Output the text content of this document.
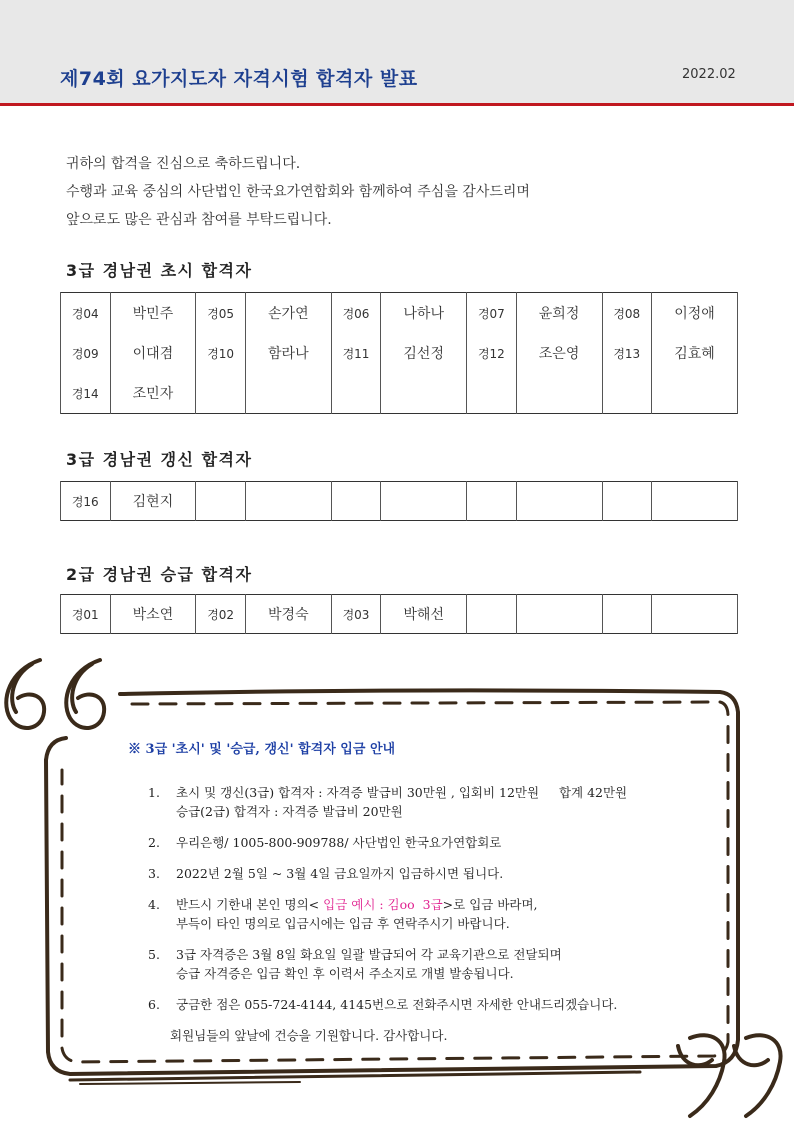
제74회 요가지도자 자격시험 합격자 발표	2022.02
귀하의 합격을 진심으로 축하드립니다.
수행과 교육 중심의 사단법인 한국요가연합회와 함께하여 주심을 감사드리며
앞으로도 많은 관심과 참여를 부탁드립니다.
3급 경남권 초시 합격자
경04	박민주	경05	손가연	경06	나하나	경07	윤희정	경08	이정애
경09	이대겸	경10	함라나	경11	김선정	경12	조은영	경13	김효혜
경14	조민자								
3급 경남권 갱신 합격자
경16	김현지								
2급 경남권 승급 합격자
경01	박소연	경02	박경숙	경03	박해선				
※ 3급 '초시' 및 '승급, 갱신' 합격자 입금 안내
1. 초시 및 갱신(3급) 합격자 : 자격증 발급비 30만원 , 입회비 12만원     합계 42만원
승급(2급) 합격자 : 자격증 발급비 20만원
2. 우리은행/ 1005-800-909788/ 사단법인 한국요가연합회로
3. 2022년 2월 5일 ~ 3월 4일 금요일까지 입금하시면 됩니다.
4. 반드시 기한내 본인 명의< 입금 예시 : 김oo  3급>로 입금 바라며,
부득이 타인 명의로 입금시에는 입금 후 연락주시기 바랍니다.
5. 3급 자격증은 3월 8일 화요일 일괄 발급되어 각 교육기관으로 전달되며
승급 자격증은 입금 확인 후 이력서 주소지로 개별 발송됩니다.
6. 궁금한 점은 055-724-4144, 4145번으로 전화주시면 자세한 안내드리겠습니다.
회원님들의 앞날에 건승을 기원합니다. 감사합니다.
